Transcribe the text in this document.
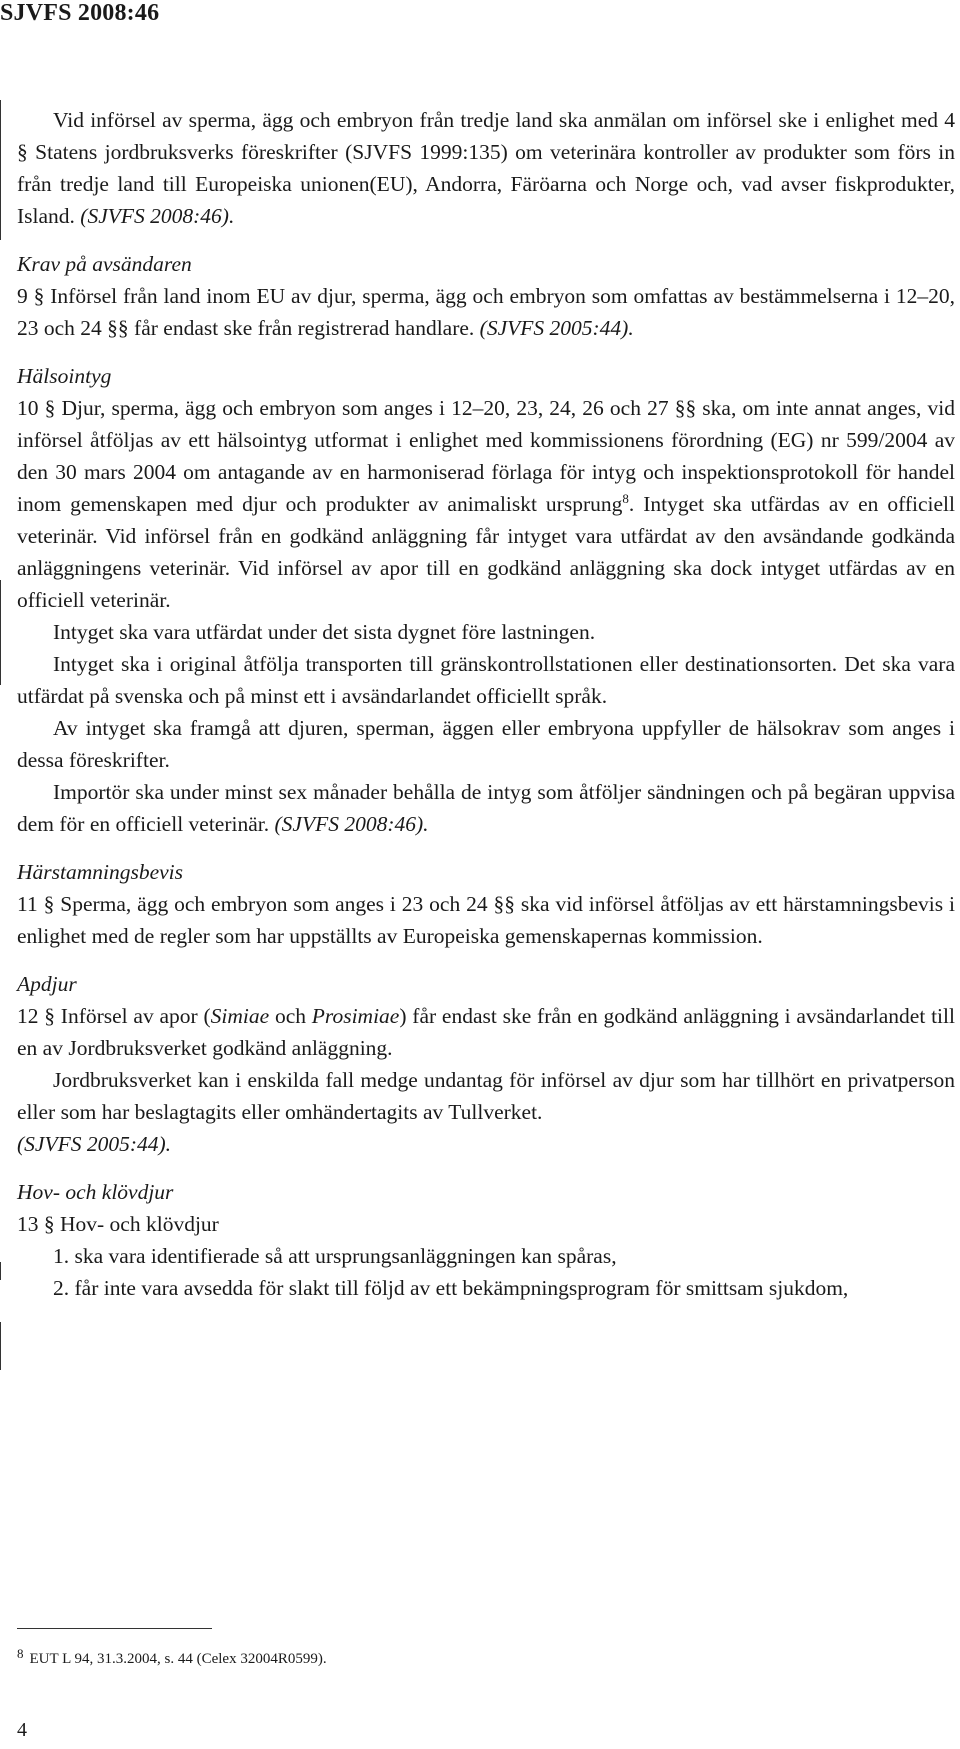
SJVFS 2008:46

Vid införsel av sperma, ägg och embryon från tredje land ska anmälan om införsel ske i enlighet med 4 § Statens jordbruksverks föreskrifter (SJVFS 1999:135) om veterinära kontroller av produkter som förs in från tredje land till Europeiska unionen(EU), Andorra, Färöarna och Norge och, vad avser fiskprodukter, Island. (SJVFS 2008:46).

Krav på avsändaren

9 § Införsel från land inom EU av djur, sperma, ägg och embryon som omfattas av bestämmelserna i 12–20, 23 och 24 §§ får endast ske från registrerad handlare. (SJVFS 2005:44).

Hälsointyg

10 § Djur, sperma, ägg och embryon som anges i 12–20, 23, 24, 26 och 27 §§ ska, om inte annat anges, vid införsel åtföljas av ett hälsointyg utformat i enlighet med kommissionens förordning (EG) nr 599/2004 av den 30 mars 2004 om antagande av en harmoniserad förlaga för intyg och inspektionsprotokoll för handel inom gemenskapen med djur och produkter av animaliskt ursprung$^8$. Intyget ska utfärdas av en officiell veterinär. Vid införsel från en godkänd anläggning får intyget vara utfärdat av den avsändande godkända anläggningens veterinär. Vid införsel av apor till en godkänd anläggning ska dock intyget utfärdas av en officiell veterinär.

Intyget ska vara utfärdat under det sista dygnet före lastningen.

Intyget ska i original åtfölja transporten till gränskontrollstationen eller destinationsorten. Det ska vara utfärdat på svenska och på minst ett i avsändarlandet officiellt språk.

Av intyget ska framgå att djuren, sperman, äggen eller embryona uppfyller de hälsokrav som anges i dessa föreskrifter.

Importör ska under minst sex månader behålla de intyg som åtföljer sändningen och på begäran uppvisa dem för en officiell veterinär. (SJVFS 2008:46).

Härstamningsbevis

11 § Sperma, ägg och embryon som anges i 23 och 24 §§ ska vid införsel åtföljas av ett härstamningsbevis i enlighet med de regler som har uppställts av Europeiska gemenskapernas kommission.

Apdjur

12 § Införsel av apor (Simiae och Prosimiae) får endast ske från en godkänd anläggning i avsändarlandet till en av Jordbruksverket godkänd anläggning.

Jordbruksverket kan i enskilda fall medge undantag för införsel av djur som har tillhört en privatperson eller som har beslagtagits eller omhändertagits av Tullverket.
(SJVFS 2005:44).

Hov- och klövdjur

13 § Hov- och klövdjur

1. ska vara identifierade så att ursprungsanläggningen kan spåras,

2. får inte vara avsedda för slakt till följd av ett bekämpningsprogram för smittsam sjukdom,

$^8$ EUT L 94, 31.3.2004, s. 44 (Celex 32004R0599).
4
